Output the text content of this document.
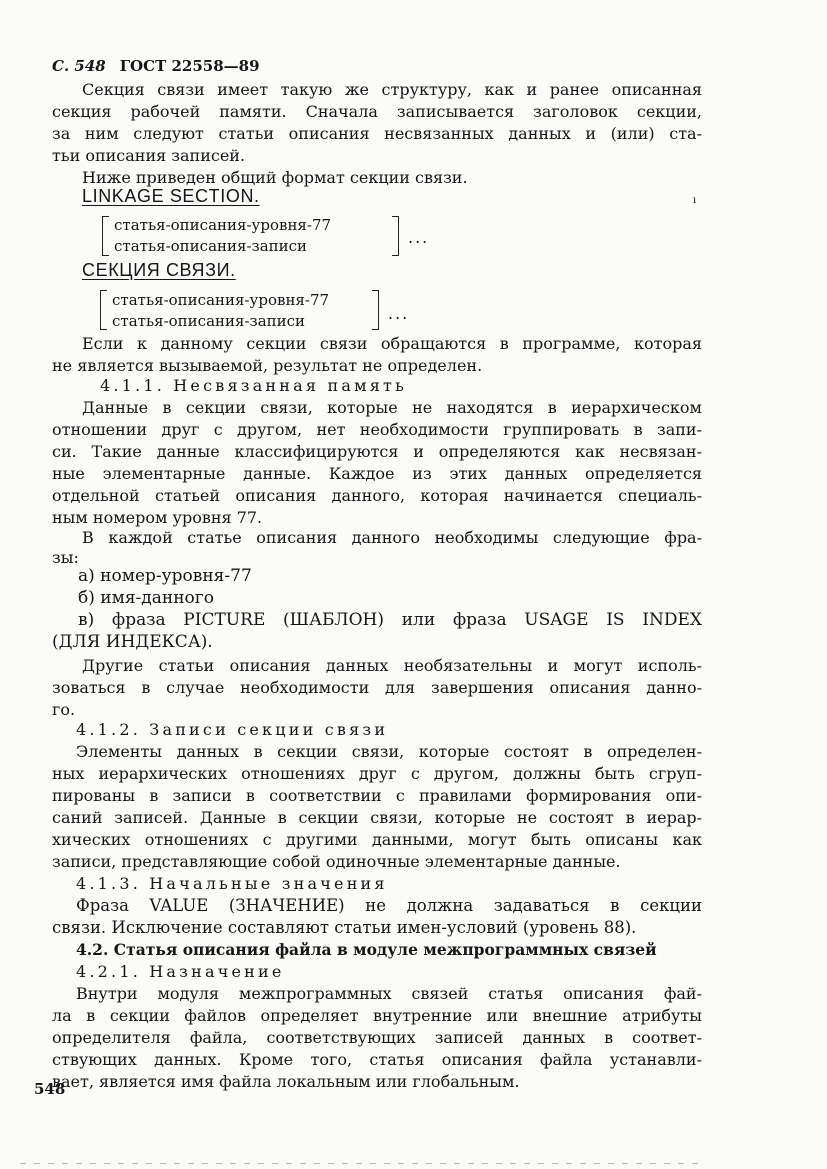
С. 548 ГОСТ 22558—89
Секция связи имеет такую же структуру, как и ранее описанная
секция рабочей памяти. Сначала записывается заголовок секции,
за ним следуют статьи описания несвязанных данных и (или) ста-
тьи описания записей.
Ниже приведен общий формат секции связи.
LINKAGE SECTION.	ı
статья-описания-уровня-77
статья-описания-записи	...
СЕКЦИЯ СВЯЗИ.
статья-описания-уровня-77
статья-описания-записи	...
Если к данному секции связи обращаются в программе, которая
не является вызываемой, результат не определен.
4.1.1. Несвязанная память
Данные в секции связи, которые не находятся в иерархическом
отношении друг с другом, нет необходимости группировать в запи-
си. Такие данные классифицируются и определяются как несвязан-
ные элементарные данные. Каждое из этих данных определяется
отдельной статьей описания данного, которая начинается специаль-
ным номером уровня 77.
В каждой статье описания данного необходимы следующие фра-
зы:
а) номер-уровня-77
б) имя-данного
в) фраза PICTURE (ШАБЛОН) или фраза USAGE IS INDEX
(ДЛЯ ИНДЕКСА).
Другие статьи описания данных необязательны и могут исполь-
зоваться в случае необходимости для завершения описания данно-
го.
4.1.2. Записи секции связи
Элементы данных в секции связи, которые состоят в определен-
ных иерархических отношениях друг с другом, должны быть сгруп-
пированы в записи в соответствии с правилами формирования опи-
саний записей. Данные в секции связи, которые не состоят в иерар-
хических отношениях с другими данными, могут быть описаны как
записи, представляющие собой одиночные элементарные данные.
4.1.3. Начальные значения
Фраза VALUE (ЗНАЧЕНИЕ) не должна задаваться в секции
связи. Исключение составляют статьи имен-условий (уровень 88).
4.2. Статья описания файла в модуле межпрограммных связей
4.2.1. Назначение
Внутри модуля межпрограммных связей статья описания фай-
ла в секции файлов определяет внутренние или внешние атрибуты
определителя файла, соответствующих записей данных в соответ-
ствующих данных. Кроме того, статья описания файла устанавли-
вает, является имя файла локальным или глобальным.
548
